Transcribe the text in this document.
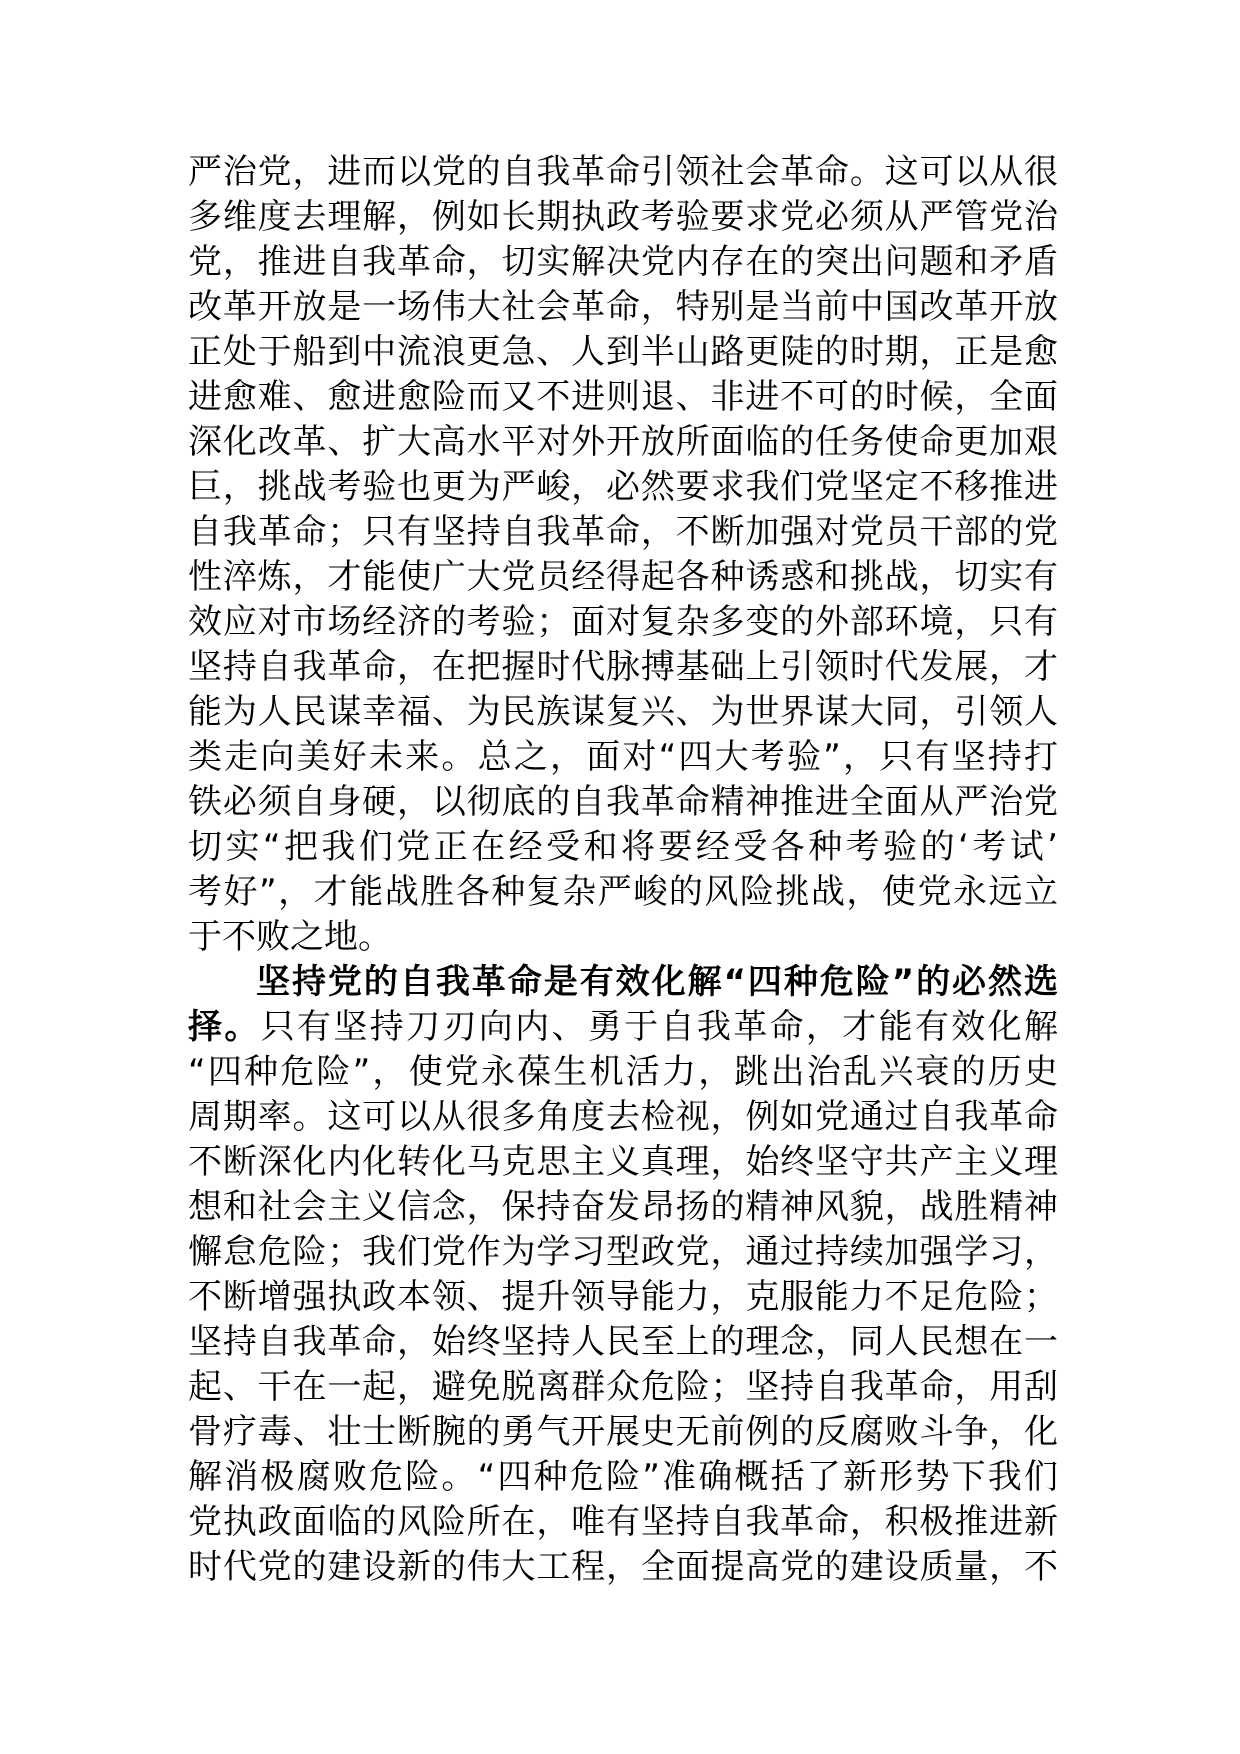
严治党，进而以党的自我革命引领社会革命。这可以从很
多维度去理解，例如长期执政考验要求党必须从严管党治
党，推进自我革命，切实解决党内存在的突出问题和矛盾
改革开放是一场伟大社会革命，特别是当前中国改革开放
正处于船到中流浪更急、人到半山路更陡的时期，正是愈
进愈难、愈进愈险而又不进则退、非进不可的时候，全面
深化改革、扩大高水平对外开放所面临的任务使命更加艰
巨，挑战考验也更为严峻，必然要求我们党坚定不移推进
自我革命；只有坚持自我革命，不断加强对党员干部的党
性淬炼，才能使广大党员经得起各种诱惑和挑战，切实有
效应对市场经济的考验；面对复杂多变的外部环境，只有
坚持自我革命，在把握时代脉搏基础上引领时代发展，才
能为人民谋幸福、为民族谋复兴、为世界谋大同，引领人
类走向美好未来。总之，面对“四大考验”，只有坚持打
铁必须自身硬，以彻底的自我革命精神推进全面从严治党
切实“把我们党正在经受和将要经受各种考验的‘考试’
考好”，才能战胜各种复杂严峻的风险挑战，使党永远立
于不败之地。
坚持党的自我革命是有效化解“四种危险”的必然选
择。只有坚持刀刃向内、勇于自我革命，才能有效化解
“四种危险”，使党永葆生机活力，跳出治乱兴衰的历史
周期率。这可以从很多角度去检视，例如党通过自我革命
不断深化内化转化马克思主义真理，始终坚守共产主义理
想和社会主义信念，保持奋发昂扬的精神风貌，战胜精神
懈怠危险；我们党作为学习型政党，通过持续加强学习，
不断增强执政本领、提升领导能力，克服能力不足危险；
坚持自我革命，始终坚持人民至上的理念，同人民想在一
起、干在一起，避免脱离群众危险；坚持自我革命，用刮
骨疗毒、壮士断腕的勇气开展史无前例的反腐败斗争，化
解消极腐败危险。“四种危险”准确概括了新形势下我们
党执政面临的风险所在，唯有坚持自我革命，积极推进新
时代党的建设新的伟大工程，全面提高党的建设质量，不
